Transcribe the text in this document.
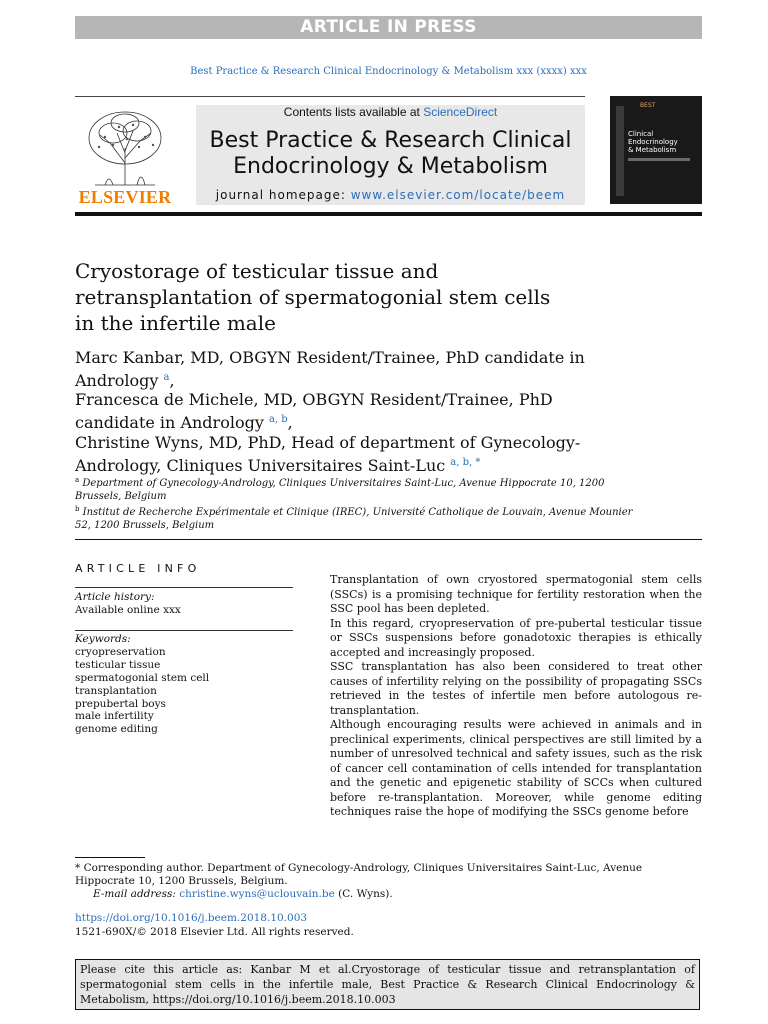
ARTICLE IN PRESS
Best Practice & Research Clinical Endocrinology & Metabolism xxx (xxxx) xxx
ELSEVIER
Contents lists available at ScienceDirect
Best Practice & Research Clinical
Endocrinology & Metabolism
journal homepage: www.elsevier.com/locate/beem
BEST
Clinical
Endocrinology
& Metabolism
Cryostorage of testicular tissue and
retransplantation of spermatogonial stem cells
in the infertile male
Marc Kanbar, MD, OBGYN Resident/Trainee, PhD candidate in
Andrology $^a$,
Francesca de Michele, MD, OBGYN Resident/Trainee, PhD
candidate in Andrology $^{a, b}$,
Christine Wyns, MD, PhD, Head of department of Gynecology-
Andrology, Cliniques Universitaires Saint-Luc $^{a, b, *}$
$^a$ Department of Gynecology-Andrology, Cliniques Universitaires Saint-Luc, Avenue Hippocrate 10, 1200
Brussels, Belgium
$^b$ Institut de Recherche Expérimentale et Clinique (IREC), Université Catholique de Louvain, Avenue Mounier
52, 1200 Brussels, Belgium
ARTICLE INFO
Article history:
Available online xxx
Keywords:
cryopreservation
testicular tissue
spermatogonial stem cell transplantation
prepubertal boys
male infertility
genome editing

Transplantation of own cryostored spermatogonial stem cells (SSCs) is a promising technique for fertility restoration when the SSC pool has been depleted.

In this regard, cryopreservation of pre-pubertal testicular tissue or SSCs suspensions before gonadotoxic therapies is ethically accepted and increasingly proposed.

SSC transplantation has also been considered to treat other causes of infertility relying on the possibility of propagating SSCs retrieved in the testes of infertile men before autologous re-transplantation.

Although encouraging results were achieved in animals and in preclinical experiments, clinical perspectives are still limited by a number of unresolved technical and safety issues, such as the risk of cancer cell contamination of cells intended for transplantation and the genetic and epigenetic stability of SCCs when cultured before re-transplantation. Moreover, while genome editing techniques raise the hope of modifying the SSCs genome before

* Corresponding author. Department of Gynecology-Andrology, Cliniques Universitaires Saint-Luc, Avenue Hippocrate 10, 1200 Brussels, Belgium.
E-mail address: christine.wyns@uclouvain.be (C. Wyns).
https://doi.org/10.1016/j.beem.2018.10.003
1521-690X/© 2018 Elsevier Ltd. All rights reserved.
Please cite this article as: Kanbar M et al.Cryostorage of testicular tissue and retransplantation of spermatogonial stem cells in the infertile male, Best Practice & Research Clinical Endocrinology & Metabolism, https://doi.org/10.1016/j.beem.2018.10.003
